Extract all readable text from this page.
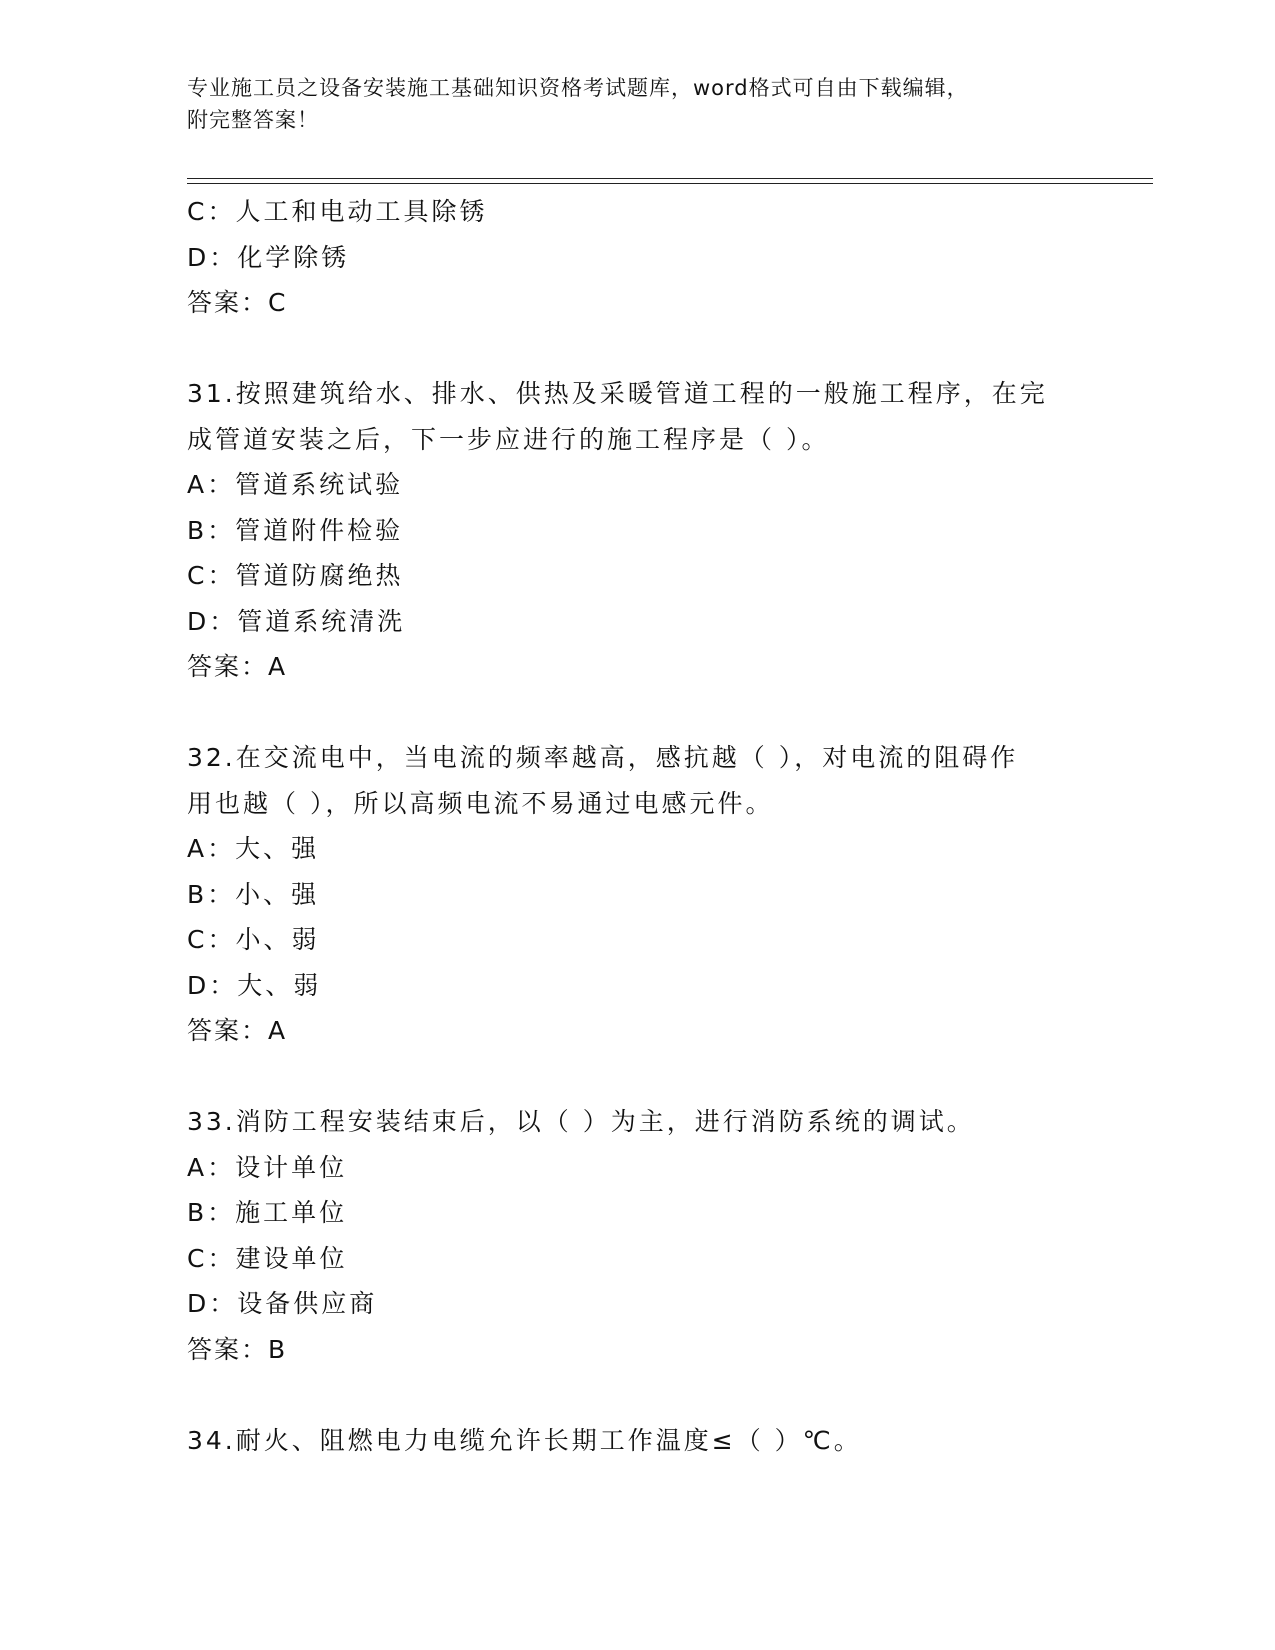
专业施工员之设备安装施工基础知识资格考试题库，word格式可自由下载编辑，
附完整答案！
C：人工和电动工具除锈
D：化学除锈
答案：C
31.按照建筑给水、排水、供热及采暖管道工程的一般施工程序，在完
成管道安装之后，下一步应进行的施工程序是（ ）。
A：管道系统试验
B：管道附件检验
C：管道防腐绝热
D：管道系统清洗
答案：A
32.在交流电中，当电流的频率越高，感抗越（ ），对电流的阻碍作
用也越（ ），所以高频电流不易通过电感元件。
A：大、强
B：小、强
C：小、弱
D：大、弱
答案：A
33.消防工程安装结束后，以（ ）为主，进行消防系统的调试。
A：设计单位
B：施工单位
C：建设单位
D：设备供应商
答案：B
34.耐火、阻燃电力电缆允许长期工作温度≤（ ）℃。
